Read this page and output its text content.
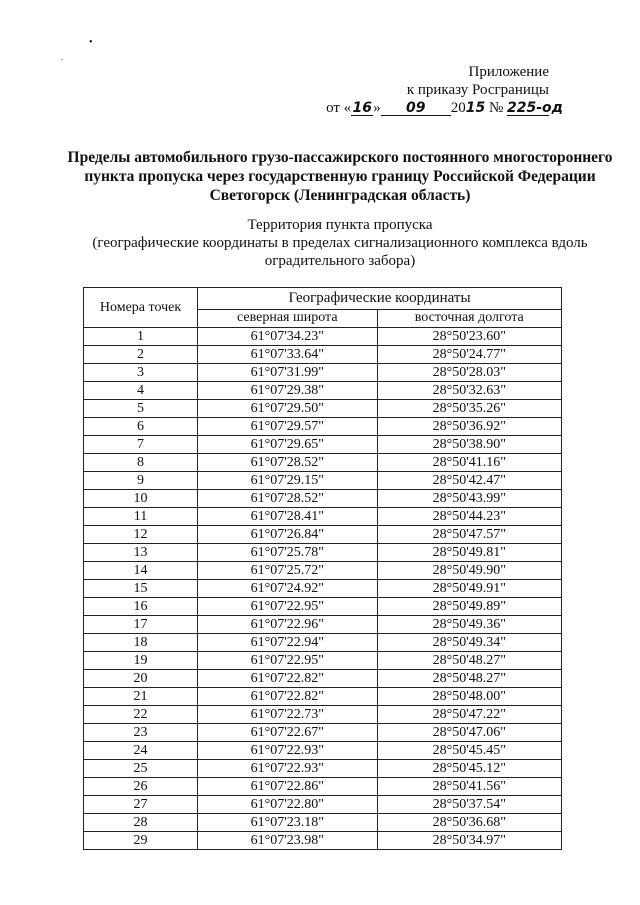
•
.
Приложение
к приказу Росграницы
от «16» 09 2015 № 225-од
Пределы автомобильного грузо-пассажирского постоянного многостороннего пункта пропуска через государственную границу Российской Федерации Светогорск (Ленинградская область)
Территория пункта пропуска
(географические координаты в пределах сигнализационного комплекса вдоль оградительного забора)
Номера точек	Географические координаты	
	северная широта	восточная долгота
1	61°07'34.23"	28°50'23.60"
2	61°07'33.64"	28°50'24.77"
3	61°07'31.99"	28°50'28.03"
4	61°07'29.38"	28°50'32.63"
5	61°07'29.50"	28°50'35.26"
6	61°07'29.57"	28°50'36.92"
7	61°07'29.65"	28°50'38.90"
8	61°07'28.52"	28°50'41.16"
9	61°07'29.15"	28°50'42.47"
10	61°07'28.52"	28°50'43.99"
11	61°07'28.41"	28°50'44.23"
12	61°07'26.84"	28°50'47.57"
13	61°07'25.78"	28°50'49.81"
14	61°07'25.72"	28°50'49.90"
15	61°07'24.92"	28°50'49.91"
16	61°07'22.95"	28°50'49.89"
17	61°07'22.96"	28°50'49.36"
18	61°07'22.94"	28°50'49.34"
19	61°07'22.95"	28°50'48.27"
20	61°07'22.82"	28°50'48.27"
21	61°07'22.82"	28°50'48.00"
22	61°07'22.73"	28°50'47.22"
23	61°07'22.67"	28°50'47.06"
24	61°07'22.93"	28°50'45.45"
25	61°07'22.93"	28°50'45.12"
26	61°07'22.86"	28°50'41.56"
27	61°07'22.80"	28°50'37.54"
28	61°07'23.18"	28°50'36.68"
29	61°07'23.98"	28°50'34.97"
